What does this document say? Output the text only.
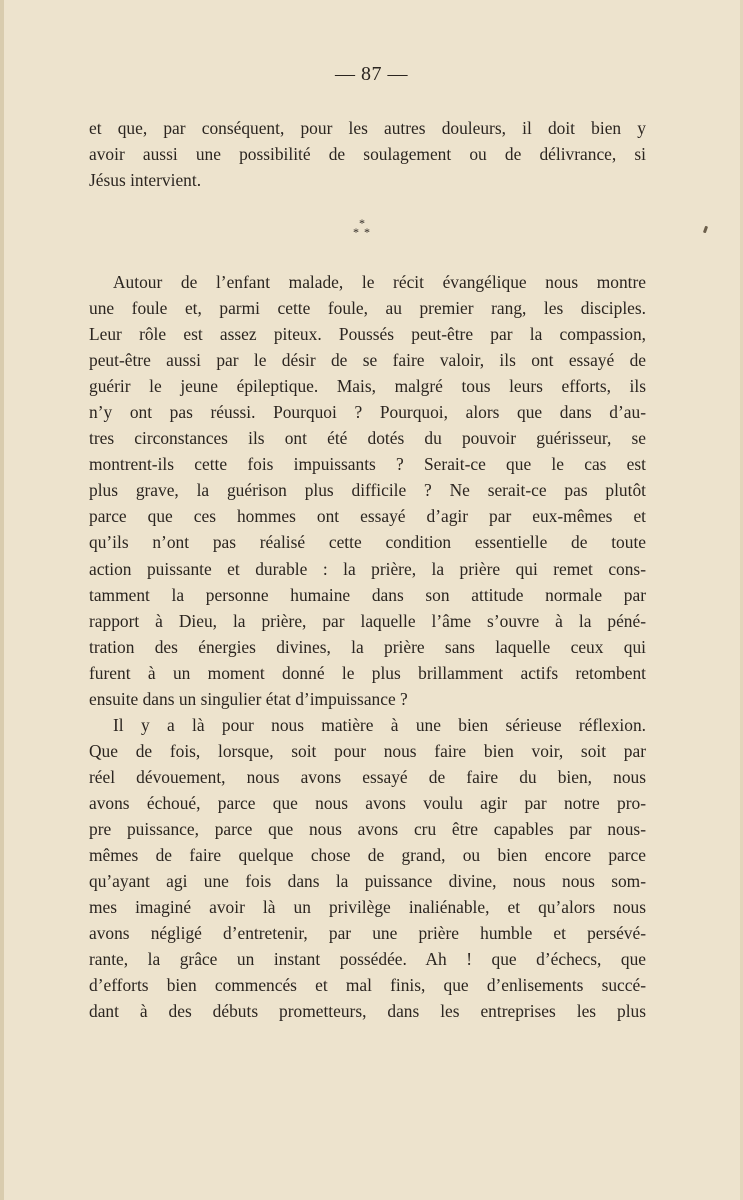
— 87 —
et que, par conséquent, pour les autres douleurs, il doit bien y
avoir aussi une possibilité de soulagement ou de délivrance, si
Jésus intervient.
*
* *
Autour de l’enfant malade, le récit évangélique nous montre
une foule et, parmi cette foule, au premier rang, les disciples.
Leur rôle est assez piteux. Poussés peut-être par la compassion,
peut-être aussi par le désir de se faire valoir, ils ont essayé de
guérir le jeune épileptique. Mais, malgré tous leurs efforts, ils
n’y ont pas réussi. Pourquoi ? Pourquoi, alors que dans d’au-
tres circonstances ils ont été dotés du pouvoir guérisseur, se
montrent-ils cette fois impuissants ? Serait-ce que le cas est
plus grave, la guérison plus difficile ? Ne serait-ce pas plutôt
parce que ces hommes ont essayé d’agir par eux-mêmes et
qu’ils n’ont pas réalisé cette condition essentielle de toute
action puissante et durable : la prière, la prière qui remet cons-
tamment la personne humaine dans son attitude normale par
rapport à Dieu, la prière, par laquelle l’âme s’ouvre à la péné-
tration des énergies divines, la prière sans laquelle ceux qui
furent à un moment donné le plus brillamment actifs retombent
ensuite dans un singulier état d’impuissance ?
Il y a là pour nous matière à une bien sérieuse réflexion.
Que de fois, lorsque, soit pour nous faire bien voir, soit par
réel dévouement, nous avons essayé de faire du bien, nous
avons échoué, parce que nous avons voulu agir par notre pro-
pre puissance, parce que nous avons cru être capables par nous-
mêmes de faire quelque chose de grand, ou bien encore parce
qu’ayant agi une fois dans la puissance divine, nous nous som-
mes imaginé avoir là un privilège inaliénable, et qu’alors nous
avons négligé d’entretenir, par une prière humble et persévé-
rante, la grâce un instant possédée. Ah ! que d’échecs, que
d’efforts bien commencés et mal finis, que d’enlisements succé-
dant à des débuts prometteurs, dans les entreprises les plus
